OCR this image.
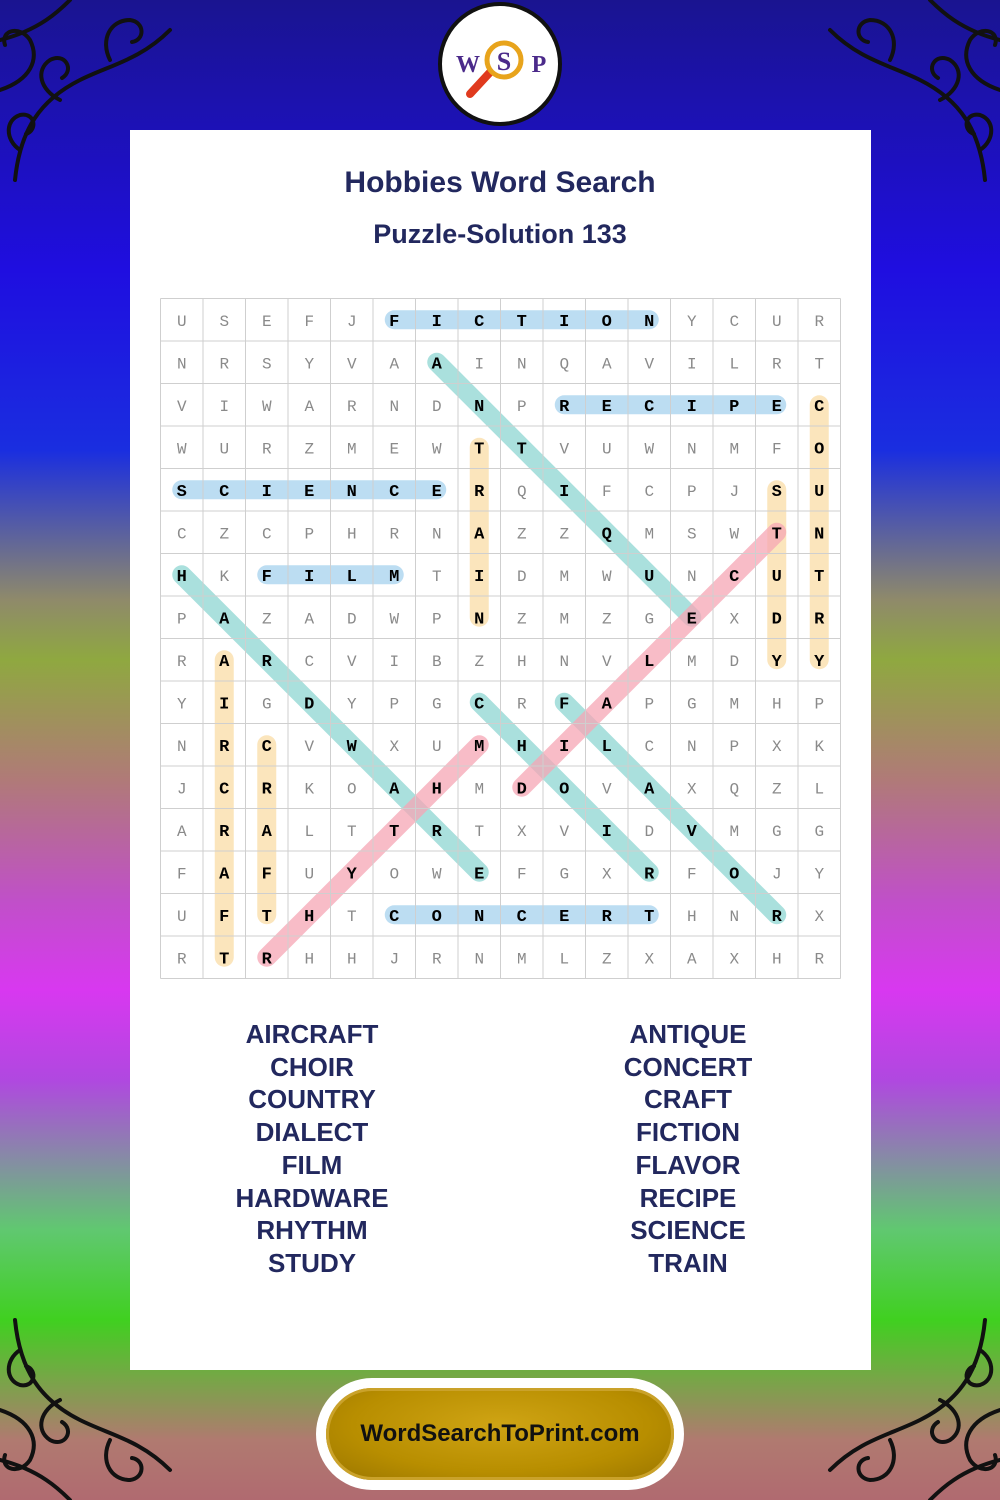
W S P
Hobbies Word Search
Puzzle-Solution 133
U S E F J F I C T I O N Y C U R
N R S Y V A A I N Q A V I L R T
V I W A R N D N P R E C I P E C
W U R Z M E W T T V U W N M F O
S C I E N C E R Q I F C P J S U
C Z C P H R N A Z Z Q M S W T N
H K F I L M T I D M W U N C U T
P A Z A D W P N Z M Z G E X D R
R A R C V I B Z H N V L M D Y Y
Y I G D Y P G C R F A P G M H P
N R C V W X U M H I L C N P X K
J C R K O A H M D O V A X Q Z L
A R A L T T R T X V I D V M G G
F A F U Y O W E F G X R F O J Y
U F T H T C O N C E R T H N R X
R T R H H J R N M L Z X A X H R
AIRCRAFT
CHOIR
COUNTRY
DIALECT
FILM
HARDWARE
RHYTHM
STUDY
ANTIQUE
CONCERT
CRAFT
FICTION
FLAVOR
RECIPE
SCIENCE
TRAIN
WordSearchToPrint.com
